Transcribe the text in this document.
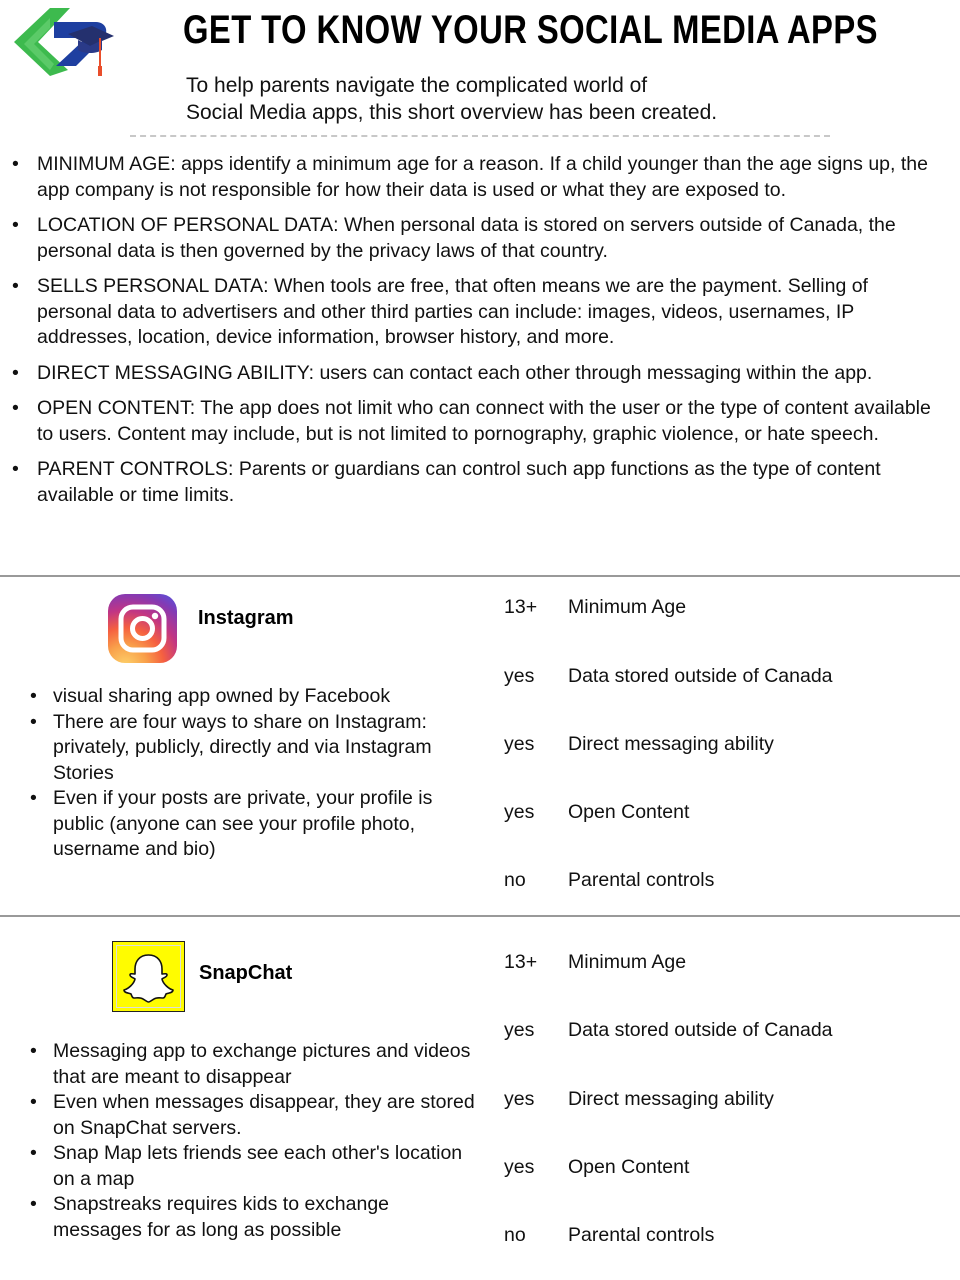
GET TO KNOW YOUR SOCIAL MEDIA APPS
To help parents navigate the complicated world of
Social Media apps, this short overview has been created.
• MINIMUM AGE: apps identify a minimum age for a reason. If a child younger than the age signs up, the app company is not responsible for how their data is used or what they are exposed to.
• LOCATION OF PERSONAL DATA: When personal data is stored on servers outside of Canada, the personal data is then governed by the privacy laws of that country.
• SELLS PERSONAL DATA: When tools are free, that often means we are the payment. Selling of personal data to advertisers and other third parties can include: images, videos, usernames, IP addresses, location, device information, browser history, and more.
• DIRECT MESSAGING ABILITY: users can contact each other through messaging within the app.
• OPEN CONTENT: The app does not limit who can connect with the user or the type of content available to users. Content may include, but is not limited to pornography, graphic violence, or hate speech.
• PARENT CONTROLS: Parents or guardians can control such app functions as the type of content available or time limits.
Instagram
• visual sharing app owned by Facebook
• There are four ways to share on Instagram: privately, publicly, directly and via Instagram Stories
• Even if your posts are private, your profile is public (anyone can see your profile photo, username and bio)
13+ Minimum Age
yes Data stored outside of Canada
yes Direct messaging ability
yes Open Content
no Parental controls
SnapChat
• Messaging app to exchange pictures and videos that are meant to disappear
• Even when messages disappear, they are stored on SnapChat servers.
• Snap Map lets friends see each other's location on a map
• Snapstreaks requires kids to exchange messages for as long as possible
13+ Minimum Age
yes Data stored outside of Canada
yes Direct messaging ability
yes Open Content
no Parental controls
